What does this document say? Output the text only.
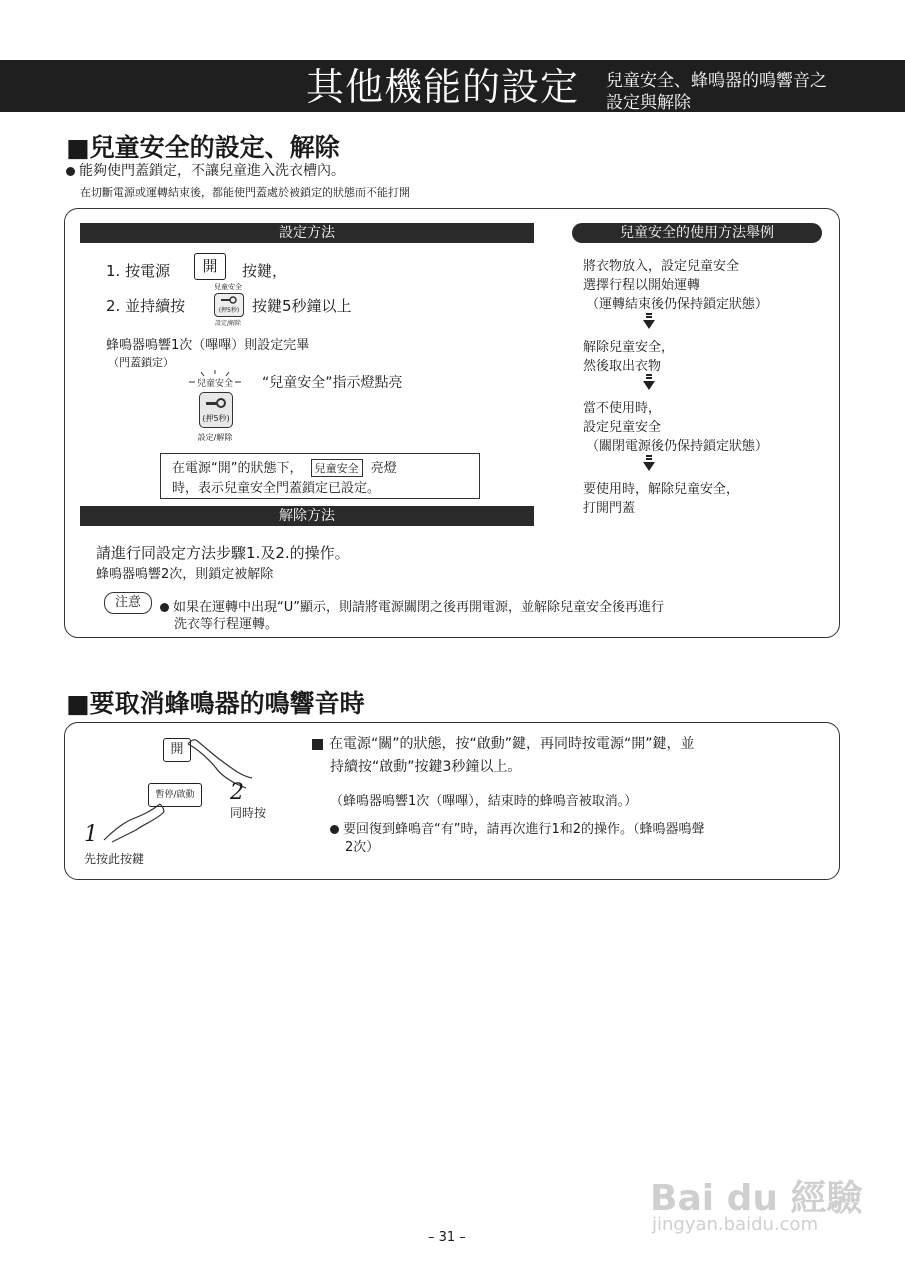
其他機能的設定 兒童安全、蜂鳴器的鳴響音之
設定與解除
■兒童安全的設定、解除
能夠使門蓋鎖定，不讓兒童進入洗衣槽內。
在切斷電源或運轉結束後，都能使門蓋處於被鎖定的狀態而不能打開
設定方法
1. 按電源	開	按鍵，
2. 並持續按
兒童安全
(押5秒)
設定/解除
按鍵5秒鐘以上
蜂鳴器鳴響1次（嗶嗶）則設定完畢
（門蓋鎖定）
兒童安全
(押5秒)
設定/解除
“兒童安全”指示燈點亮
在電源“開”的狀態下， 兒童安全 亮燈
時，表示兒童安全門蓋鎖定已設定。
解除方法
請進行同設定方法步驟1.及2.的操作。
蜂鳴器鳴響2次，則鎖定被解除
注意	如果在運轉中出現“U”顯示，則請將電源關閉之後再開電源，並解除兒童安全後再進行
洗衣等行程運轉。
兒童安全的使用方法舉例
將衣物放入，設定兒童安全
選擇行程以開始運轉
（運轉結束後仍保持鎖定狀態）
解除兒童安全，
然後取出衣物
當不使用時，
設定兒童安全
（關閉電源後仍保持鎖定狀態）
要使用時，解除兒童安全，
打開門蓋
■要取消蜂鳴器的鳴響音時
開
暫停/啟動	2
同時按
1
先按此按鍵
在電源“關”的狀態，按“啟動”鍵，再同時按電源“開”鍵，並
持續按“啟動”按鍵3秒鐘以上。
（蜂鳴器鳴響1次（嗶嗶），結束時的蜂鳴音被取消。）
要回復到蜂鳴音“有”時，請再次進行1和2的操作。（蜂鳴器鳴聲
2次）
Bai du 經驗
jingyan.baidu.com
– 31 –
